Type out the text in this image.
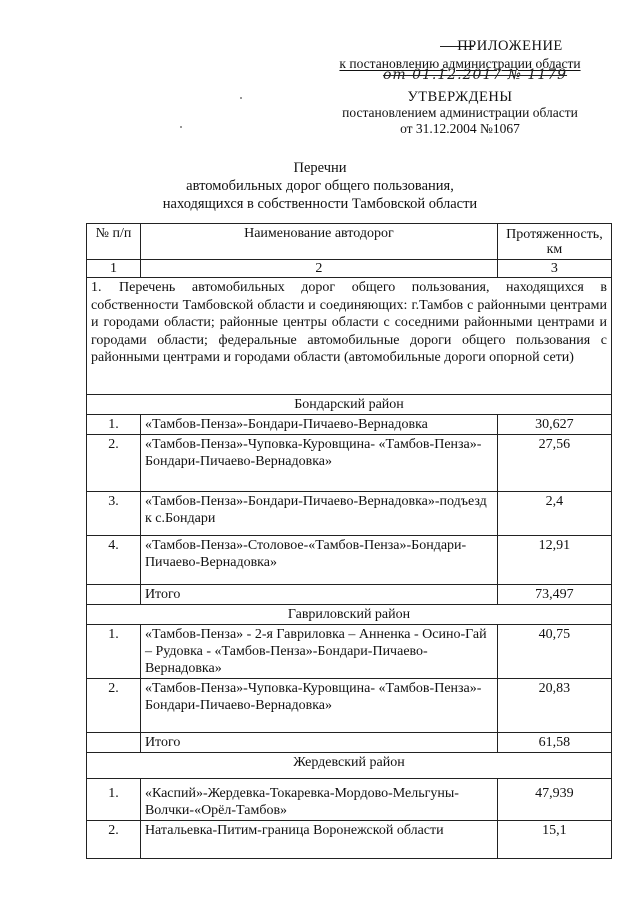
ПРИЛОЖЕНИЕ
к постановлению администрации области
от 01.12.2017 № 1179
УТВЕРЖДЕНЫ
постановлением администрации области
от 31.12.2004 №1067
Перечни
автомобильных дорог общего пользования,
находящихся в собственности Тамбовской области
№ п/п	Наименование автодорог	Протяженность, км
1	2	3
1. Перечень автомобильных дорог общего пользования, находящихся в собственности Тамбовской области и соединяющих: г.Тамбов с районными центрами и городами области; районные центры области с соседними районными центрами и городами области; федеральные автомобильные дороги общего пользования с районными центрами и городами области (автомобильные дороги опорной сети)		
Бондарский район		
1.	«Тамбов-Пенза»-Бондари-Пичаево-Вернадовка	30,627
2.	«Тамбов-Пенза»-Чуповка-Куровщина- «Тамбов-Пенза»-Бондари-Пичаево-Вернадовка»	27,56
3.	«Тамбов-Пенза»-Бондари-Пичаево-Вернадовка»-подъезд к с.Бондари	2,4
4.	«Тамбов-Пенза»-Столовое-«Тамбов-Пенза»-Бондари-Пичаево-Вернадовка»	12,91
	Итого	73,497
Гавриловский район		
1.	«Тамбов-Пенза» - 2-я Гавриловка – Анненка - Осино-Гай – Рудовка - «Тамбов-Пенза»-Бондари-Пичаево-Вернадовка»	40,75
2.	«Тамбов-Пенза»-Чуповка-Куровщина- «Тамбов-Пенза»-Бондари-Пичаево-Вернадовка»	20,83
	Итого	61,58
Жердевский район		
1.	«Каспий»-Жердевка-Токаревка-Мордово-Мельгуны-Волчки-«Орёл-Тамбов»	47,939
2.	Натальевка-Питим-граница Воронежской области	15,1
